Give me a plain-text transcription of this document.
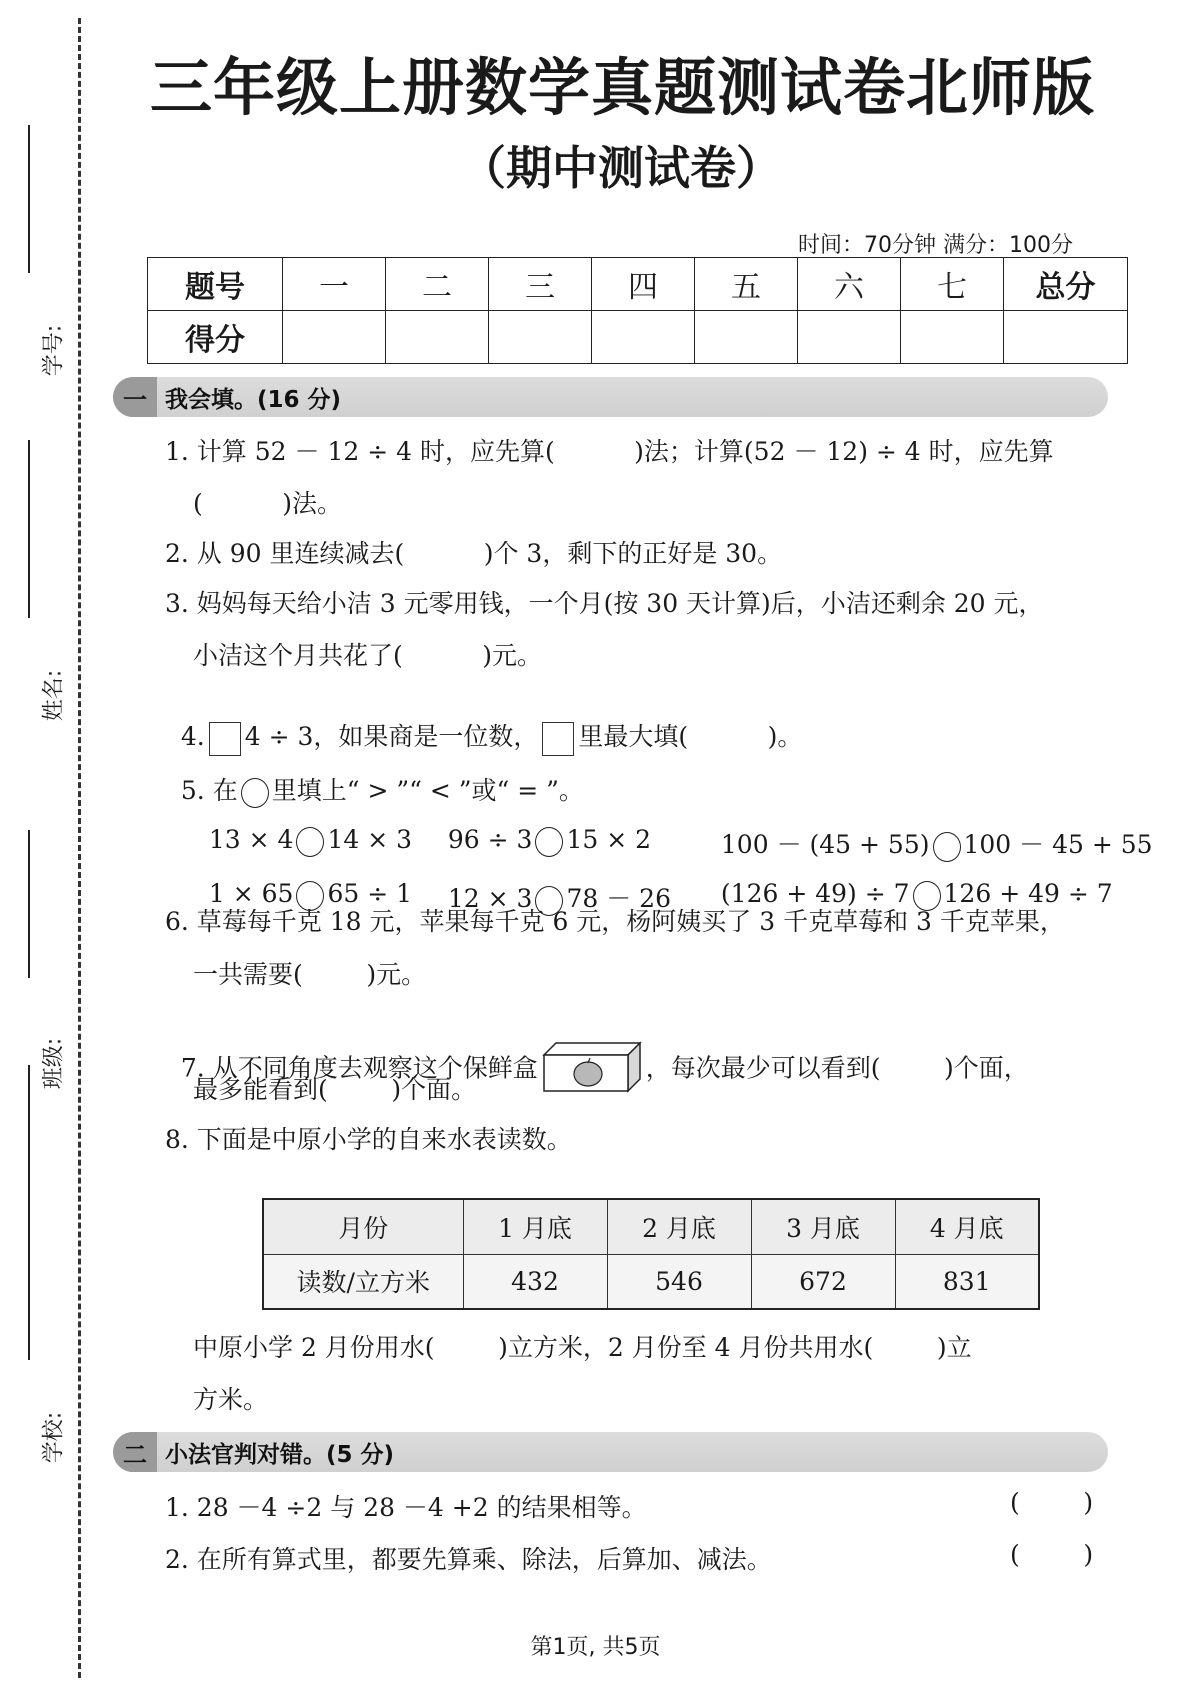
学号:
姓名:
班级:
学校:
三年级上册数学真题测试卷北师版
（期中测试卷）
时间：70分钟 满分：100分
题号	一	二	三	四	五	六	七	总分
得分								
一 我会填。(16 分)
1. 计算 52 － 12 ÷ 4 时，应先算(          )法；计算(52 － 12) ÷ 4 时，应先算
(          )法。
2. 从 90 里连续减去(          )个 3，剩下的正好是 30。
3. 妈妈每天给小洁 3 元零用钱，一个月(按 30 天计算)后，小洁还剩余 20 元，
小洁这个月共花了(          )元。

4. 4 ÷ 3，如果商是一位数， 里最大填(          )。

5. 在 里填上“ > ”“ < ”或“ = ”。

13 × 4 14 × 3	96 ÷ 3 15 × 2	100 － (45 + 55) 100 － 45 + 55

1 × 65 65 ÷ 1	12 × 3 78 － 26	(126 + 49) ÷ 7 126 + 49 ÷ 7

6. 草莓每千克 18 元，苹果每千克 6 元，杨阿姨买了 3 千克草莓和 3 千克苹果，
一共需要(        )元。

7. 从不同角度去观察这个保鲜盒	，每次最少可以看到(        )个面，

最多能看到(        )个面。
8. 下面是中原小学的自来水表读数。
月份	1 月底	2 月底	3 月底	4 月底
读数/立方米	432	546	672	831
中原小学 2 月份用水(        )立方米，2 月份至 4 月份共用水(        )立
方米。
二 小法官判对错。(5 分)
1. 28 －4 ÷2 与 28 －4 +2 的结果相等。	(        )
2. 在所有算式里，都要先算乘、除法，后算加、减法。	(        )
第1页, 共5页
